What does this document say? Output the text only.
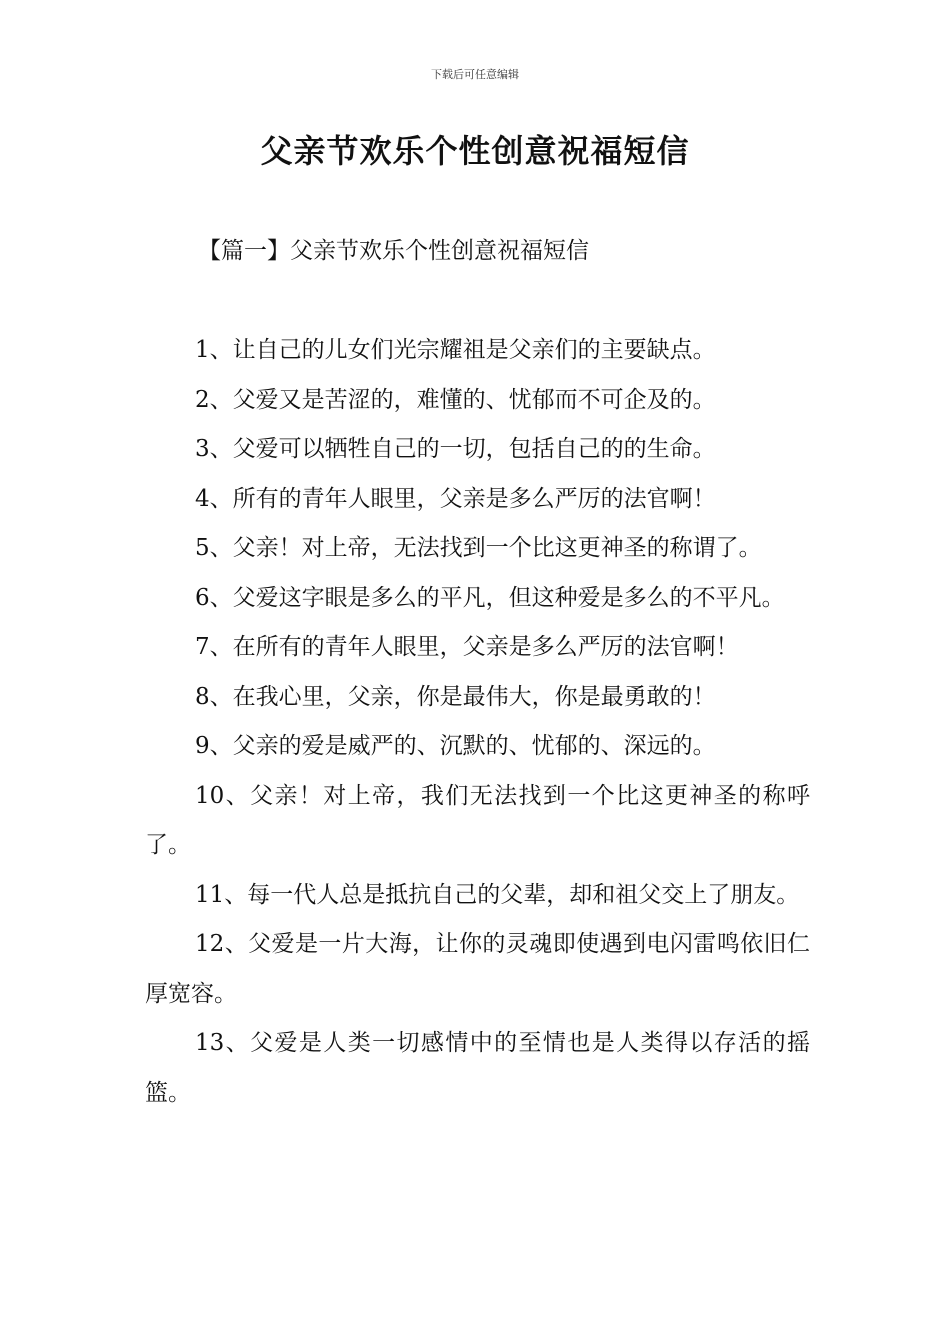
下载后可任意编辑
父亲节欢乐个性创意祝福短信
【篇一】父亲节欢乐个性创意祝福短信

1、让自己的儿女们光宗耀祖是父亲们的主要缺点。

2、父爱又是苦涩的，难懂的、忧郁而不可企及的。

3、父爱可以牺牲自己的一切，包括自己的的生命。

4、所有的青年人眼里，父亲是多么严厉的法官啊！

5、父亲！对上帝，无法找到一个比这更神圣的称谓了。

6、父爱这字眼是多么的平凡，但这种爱是多么的不平凡。

7、在所有的青年人眼里，父亲是多么严厉的法官啊！

8、在我心里，父亲，你是最伟大，你是最勇敢的！

9、父亲的爱是威严的、沉默的、忧郁的、深远的。

10、父亲！对上帝，我们无法找到一个比这更神圣的称呼了。

11、每一代人总是抵抗自己的父辈，却和祖父交上了朋友。

12、父爱是一片大海，让你的灵魂即使遇到电闪雷鸣依旧仁厚宽容。

13、父爱是人类一切感情中的至情也是人类得以存活的摇篮。
